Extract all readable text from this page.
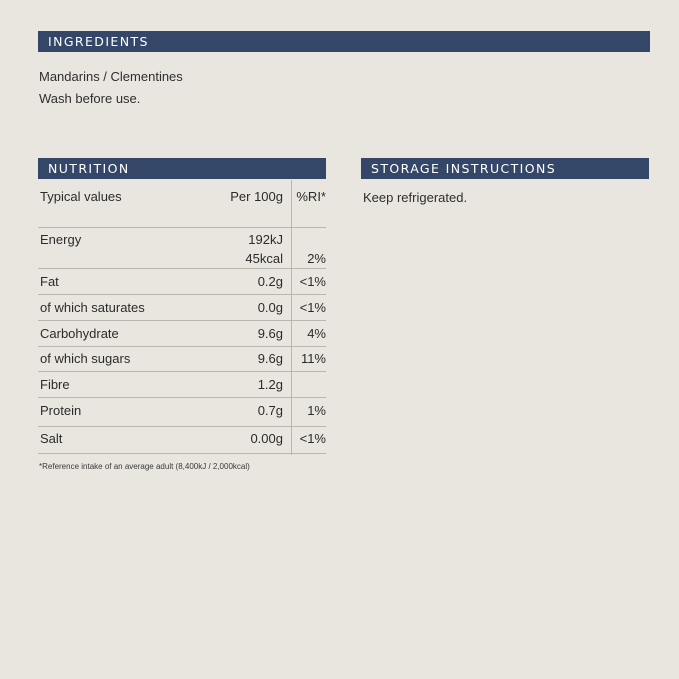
INGREDIENTS
Mandarins / Clementines
Wash before use.
NUTRITION
Typical values	Per 100g %RI*
Energy	192kJ
45kcal 2%
Fat	0.2g <1%
of which saturates	0.0g <1%
Carbohydrate	9.6g 4%
of which sugars	9.6g 11%
Fibre	1.2g
Protein	0.7g 1%
Salt	0.00g <1%
*Reference intake of an average adult (8,400kJ / 2,000kcal)
STORAGE INSTRUCTIONS
Keep refrigerated.
